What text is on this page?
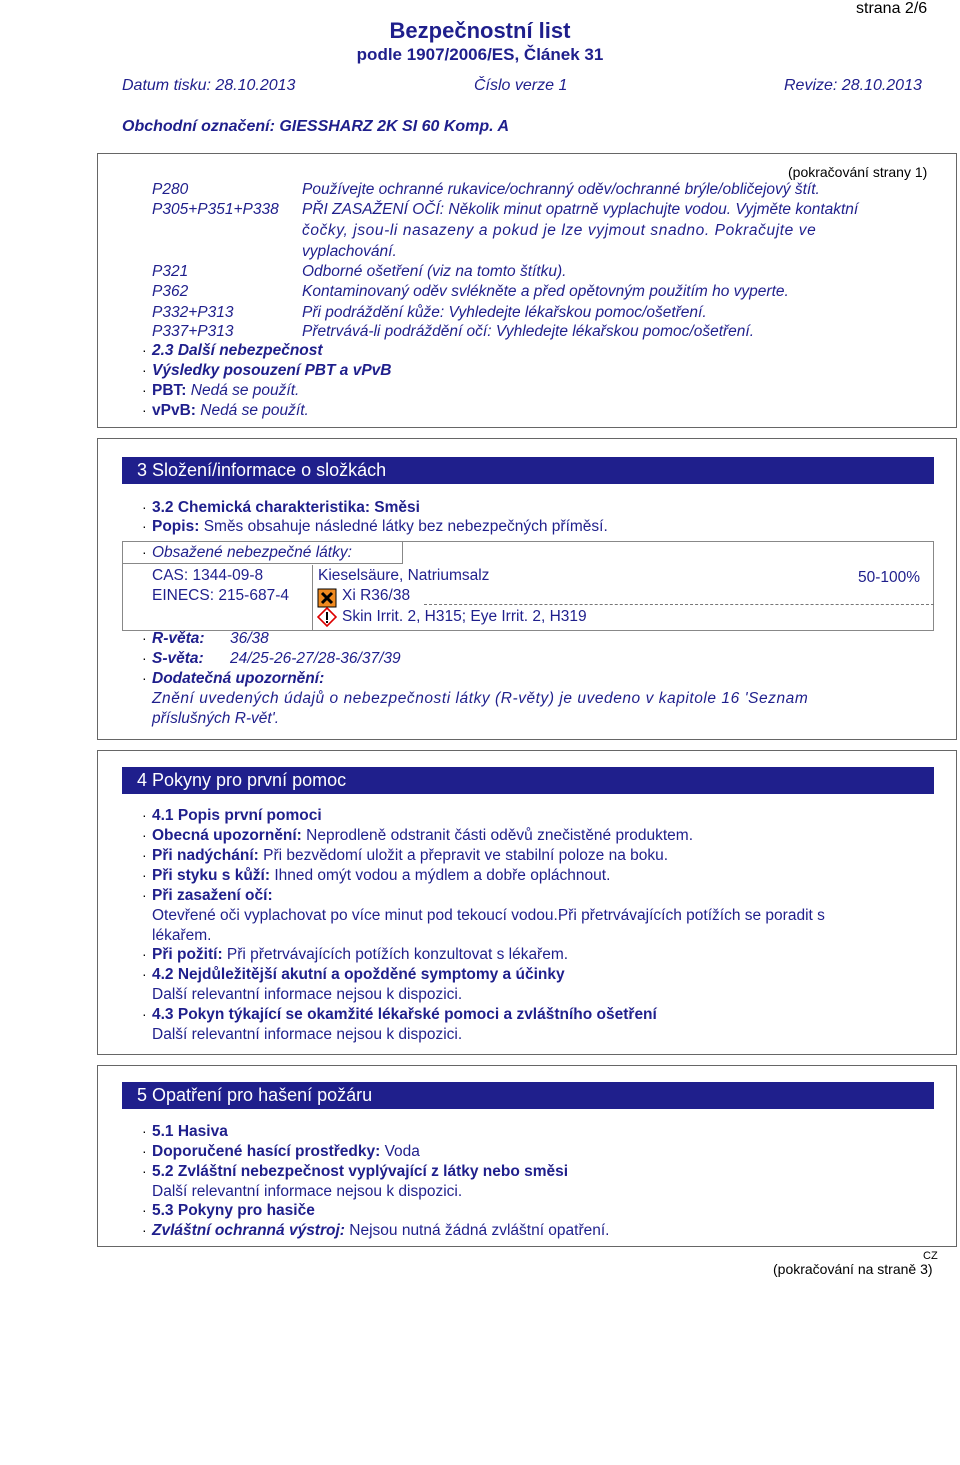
strana 2/6
Bezpečnostní list
podle 1907/2006/ES, Článek 31
Datum tisku: 28.10.2013	Číslo verze 1	Revize: 28.10.2013
Obchodní označení: GIESSHARZ 2K SI 60 Komp. A
(pokračování strany 1)
P280	Používejte ochranné rukavice/ochranný oděv/ochranné brýle/obličejový štít.
P305+P351+P338 PŘI ZASAŽENÍ OČÍ: Několik minut opatrně vyplachujte vodou. Vyjměte kontaktní
čočky, jsou-li nasazeny a pokud je lze vyjmout snadno. Pokračujte ve
vyplachování.
P321	Odborné ošetření (viz na tomto štítku).
P362	Kontaminovaný oděv svlékněte a před opětovným použitím ho vyperte.
P332+P313	Při podráždění kůže: Vyhledejte lékařskou pomoc/ošetření.
P337+P313	Přetrvává-li podráždění očí: Vyhledejte lékařskou pomoc/ošetření.
· 2.3 Další nebezpečnost
· Výsledky posouzení PBT a vPvB
· PBT: Nedá se použít.
· vPvB: Nedá se použít.
3 Složení/informace o složkách
· 3.2 Chemická charakteristika: Směsi
· Popis: Směs obsahuje následné látky bez nebezpečných příměsí.
· Obsažené nebezpečné látky:
CAS: 1344-09-8
EINECS: 215-687-4
Kieselsäure, Natriumsalz	50-100%
Xi R36/38
Skin Irrit. 2, H315; Eye Irrit. 2, H319
· R-věta: 36/38
· S-věta: 24/25-26-27/28-36/37/39
· Dodatečná upozornění:
Znění uvedených údajů o nebezpečnosti látky (R-věty) je uvedeno v kapitole 16 'Seznam
příslušných R-vět'.
4 Pokyny pro první pomoc
· 4.1 Popis první pomoci
· Obecná upozornění: Neprodleně odstranit části oděvů znečistěné produktem.
· Při nadýchání: Při bezvědomí uložit a přepravit ve stabilní poloze na boku.
· Při styku s kůží: Ihned omýt vodou a mýdlem a dobře opláchnout.
· Při zasažení očí:
Otevřené oči vyplachovat po více minut pod tekoucí vodou.Při přetrvávajících potížích se poradit s
lékařem.
· Při požití: Při přetrvávajících potížích konzultovat s lékařem.
· 4.2 Nejdůležitější akutní a opožděné symptomy a účinky
Další relevantní informace nejsou k dispozici.
· 4.3 Pokyn týkající se okamžité lékařské pomoci a zvláštního ošetření
Další relevantní informace nejsou k dispozici.
5 Opatření pro hašení požáru
· 5.1 Hasiva
· Doporučené hasící prostředky: Voda
· 5.2 Zvláštní nebezpečnost vyplývající z látky nebo směsi
Další relevantní informace nejsou k dispozici.
· 5.3 Pokyny pro hasiče
· Zvláštní ochranná výstroj: Nejsou nutná žádná zvláštní opatření.
CZ
(pokračování na straně 3)
